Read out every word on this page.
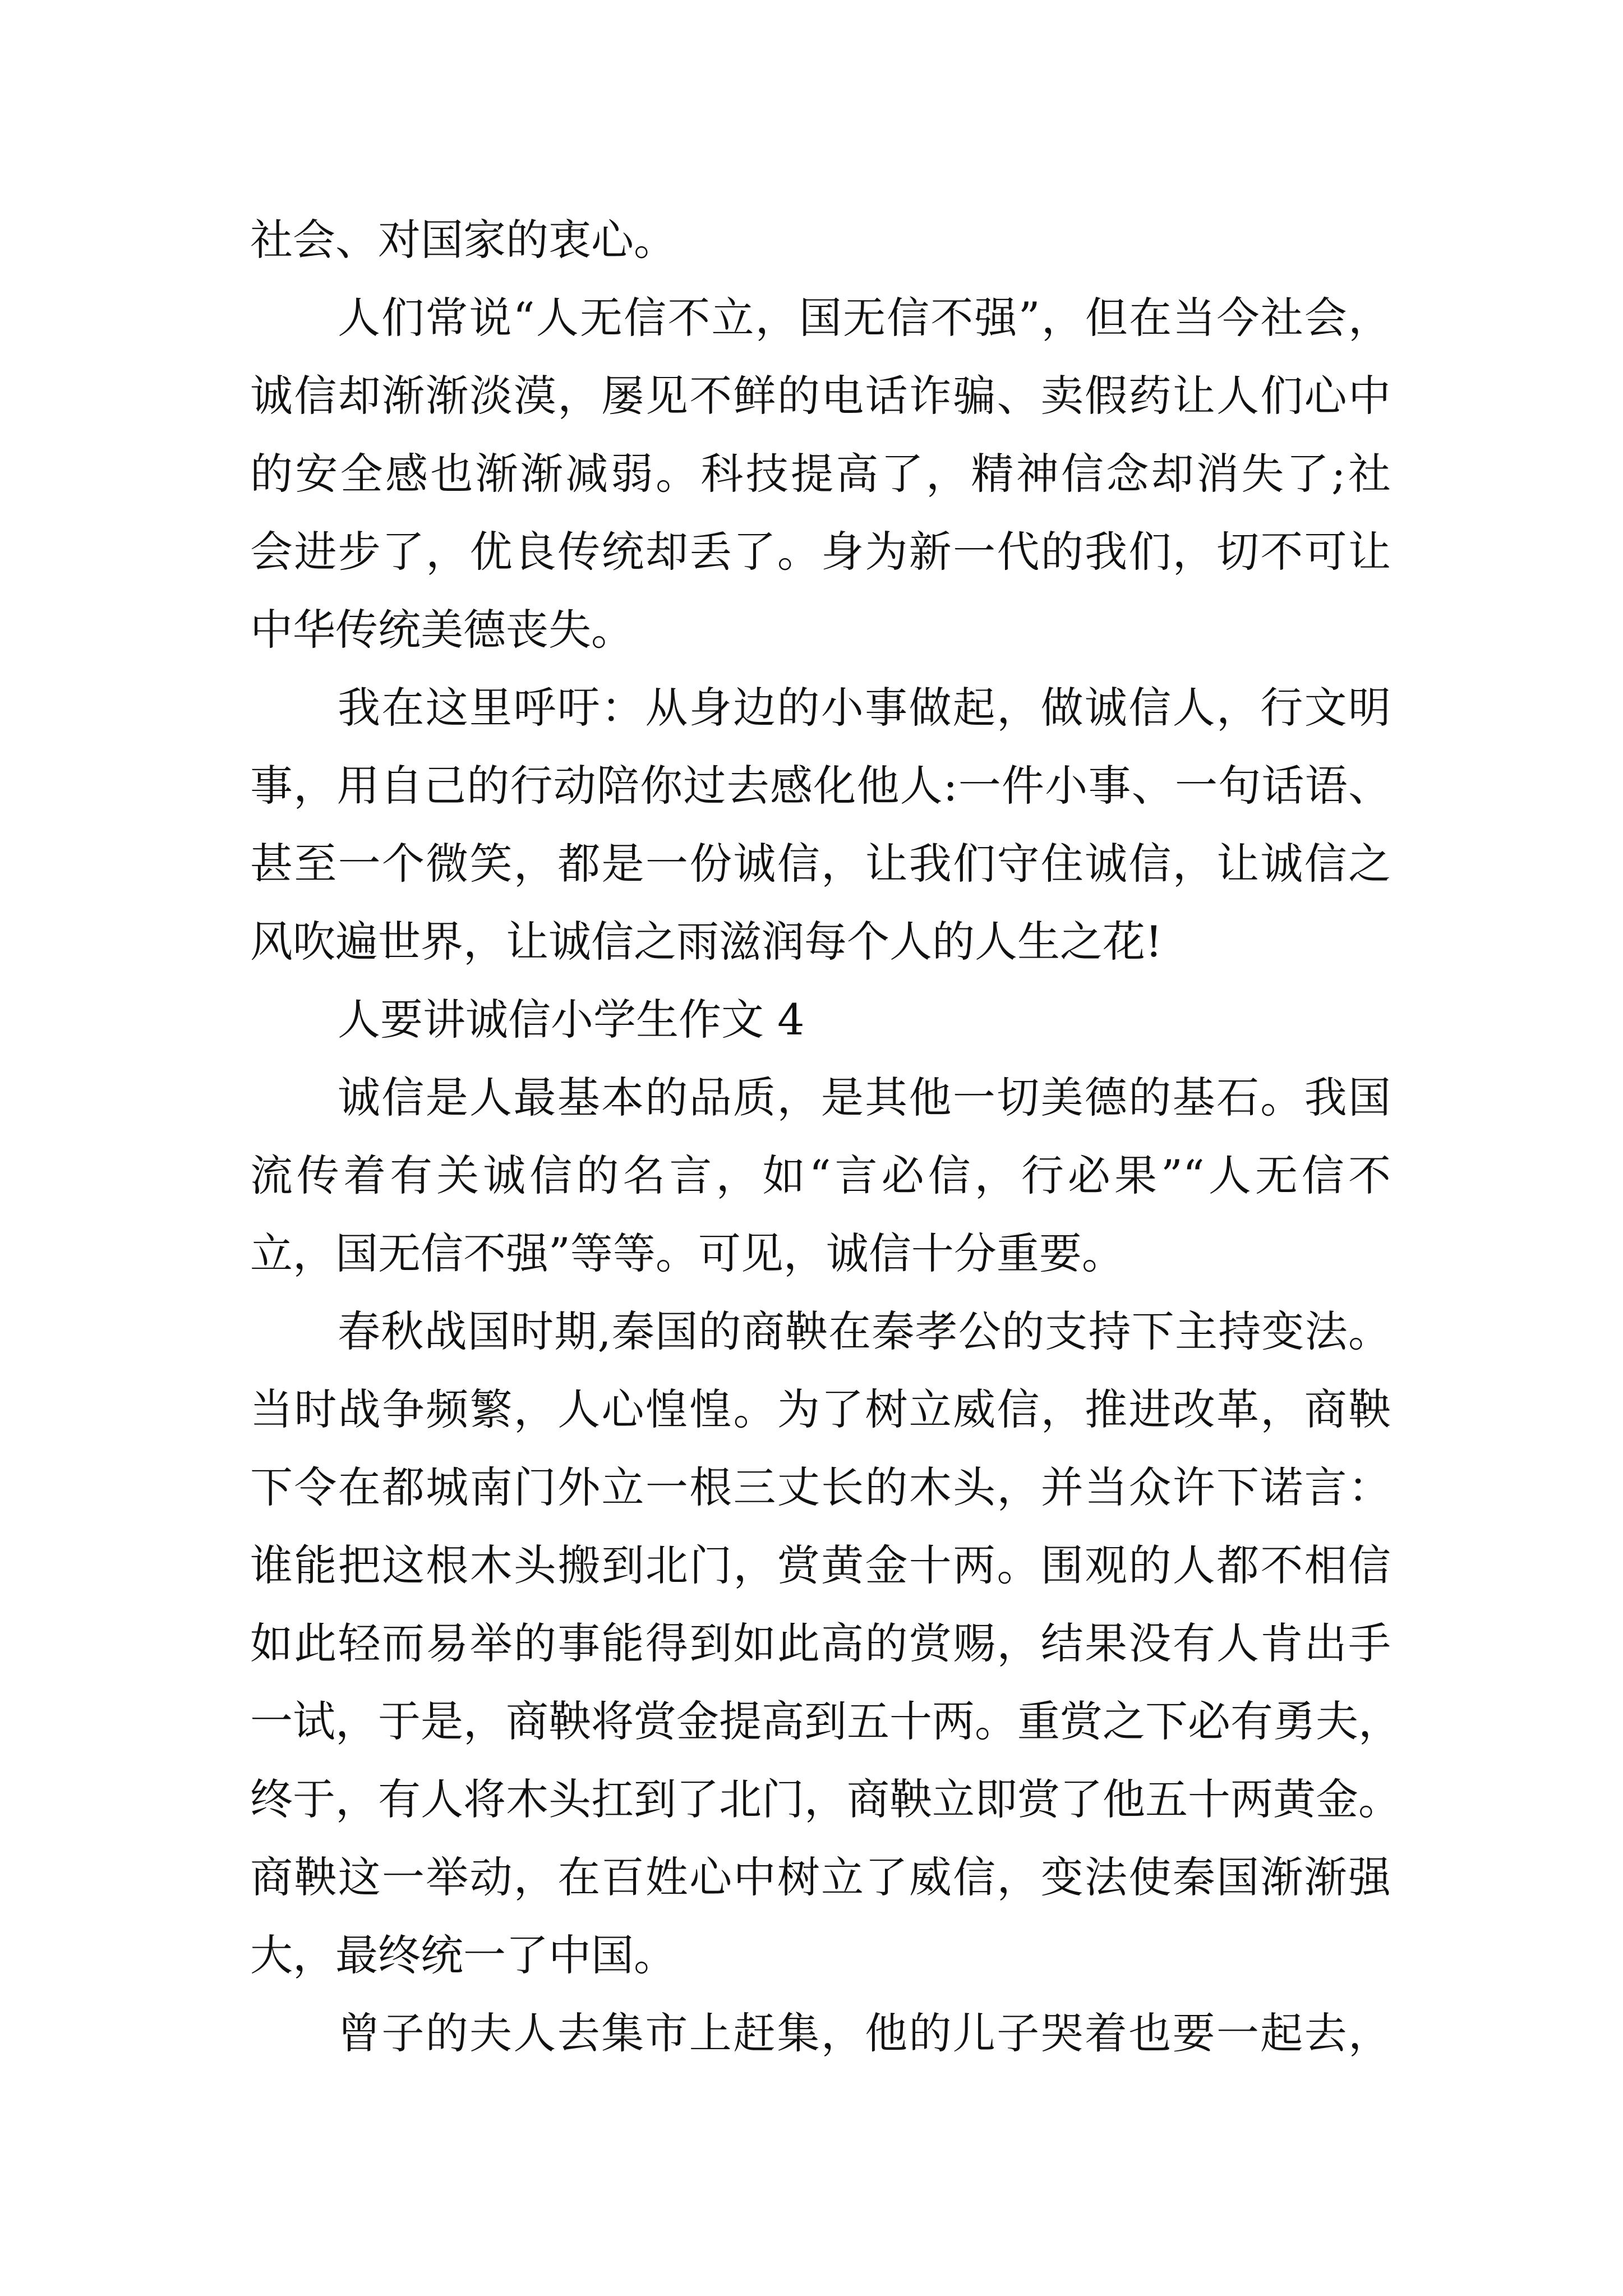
社会、对国家的衷心。
人们常说“人无信不立，国无信不强”，但在当今社会，
诚信却渐渐淡漠，屡见不鲜的电话诈骗、卖假药让人们心中
的安全感也渐渐减弱。科技提高了，精神信念却消失了;社
会进步了，优良传统却丢了。身为新一代的我们，切不可让
中华传统美德丧失。
我在这里呼吁：从身边的小事做起，做诚信人，行文明
事，用自己的行动陪你过去感化他人:一件小事、一句话语、
甚至一个微笑，都是一份诚信，让我们守住诚信，让诚信之
风吹遍世界，让诚信之雨滋润每个人的人生之花!
人要讲诚信小学生作文 4
诚信是人最基本的品质，是其他一切美德的基石。我国
流传着有关诚信的名言，如“言必信，行必果”“人无信不
立，国无信不强”等等。可见，诚信十分重要。
春秋战国时期,秦国的商鞅在秦孝公的支持下主持变法。
当时战争频繁，人心惶惶。为了树立威信，推进改革，商鞅
下令在都城南门外立一根三丈长的木头，并当众许下诺言：
谁能把这根木头搬到北门，赏黄金十两。围观的人都不相信
如此轻而易举的事能得到如此高的赏赐，结果没有人肯出手
一试，于是，商鞅将赏金提高到五十两。重赏之下必有勇夫，
终于，有人将木头扛到了北门，商鞅立即赏了他五十两黄金。
商鞅这一举动，在百姓心中树立了威信，变法使秦国渐渐强
大，最终统一了中国。
曾子的夫人去集市上赶集，他的儿子哭着也要一起去，
